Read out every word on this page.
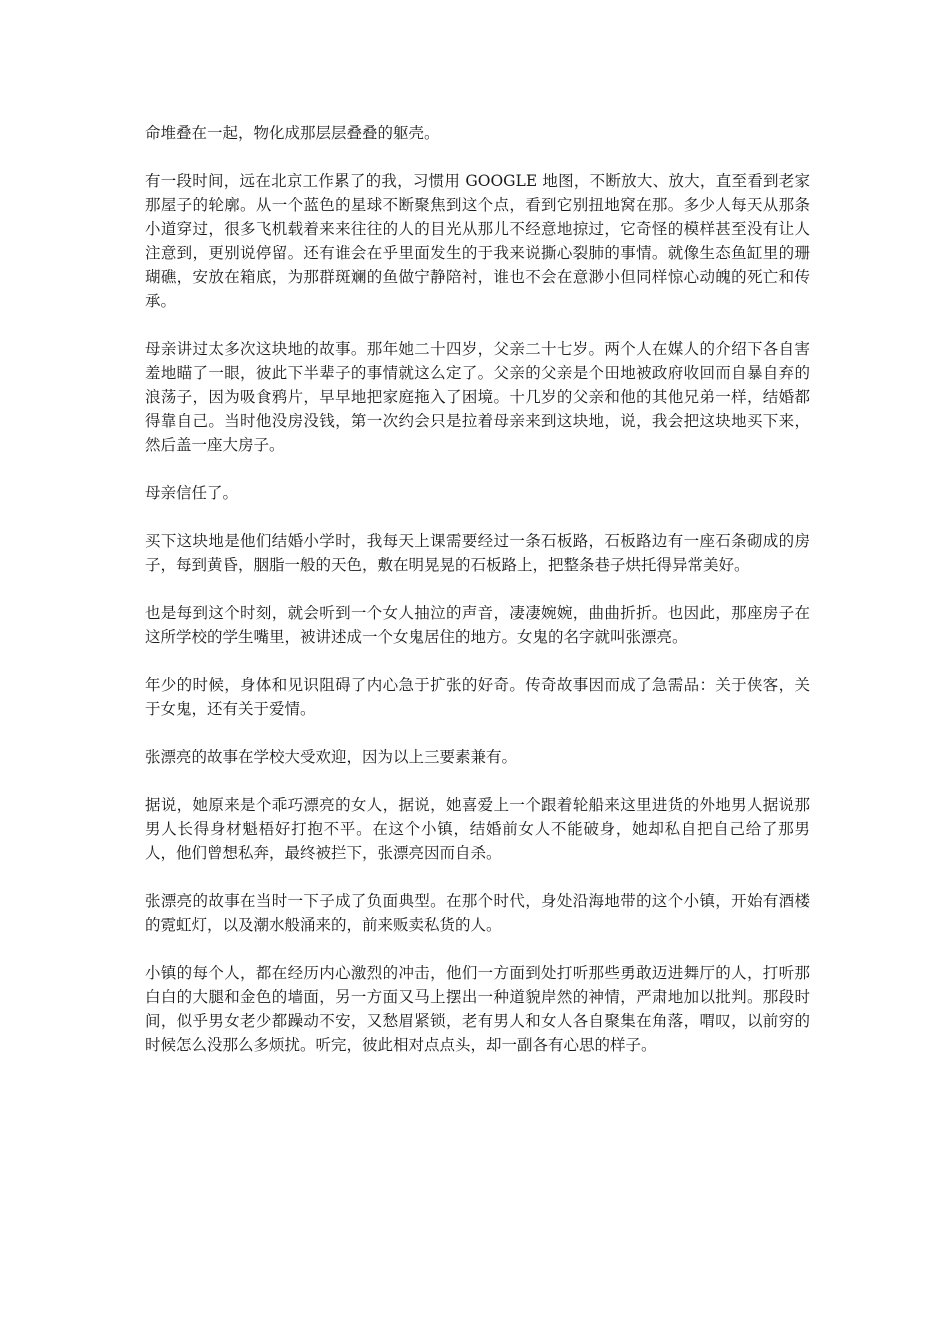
命堆叠在一起，物化成那层层叠叠的躯壳。

有一段时间，远在北京工作累了的我，习惯用 GOOGLE 地图，不断放大、放大，直至看到老家那屋子的轮廓。从一个蓝色的星球不断聚焦到这个点，看到它别扭地窝在那。多少人每天从那条小道穿过，很多飞机载着来来往往的人的目光从那儿不经意地掠过，它奇怪的模样甚至没有让人注意到，更别说停留。还有谁会在乎里面发生的于我来说撕心裂肺的事情。就像生态鱼缸里的珊瑚礁，安放在箱底，为那群斑斓的鱼做宁静陪衬，谁也不会在意渺小但同样惊心动魄的死亡和传承。

母亲讲过太多次这块地的故事。那年她二十四岁，父亲二十七岁。两个人在媒人的介绍下各自害羞地瞄了一眼，彼此下半辈子的事情就这么定了。父亲的父亲是个田地被政府收回而自暴自弃的浪荡子，因为吸食鸦片，早早地把家庭拖入了困境。十几岁的父亲和他的其他兄弟一样，结婚都得靠自己。当时他没房没钱，第一次约会只是拉着母亲来到这块地，说，我会把这块地买下来，然后盖一座大房子。

母亲信任了。

买下这块地是他们结婚小学时，我每天上课需要经过一条石板路，石板路边有一座石条砌成的房子，每到黄昏，胭脂一般的天色，敷在明晃晃的石板路上，把整条巷子烘托得异常美好。

也是每到这个时刻，就会听到一个女人抽泣的声音，凄凄婉婉，曲曲折折。也因此，那座房子在这所学校的学生嘴里，被讲述成一个女鬼居住的地方。女鬼的名字就叫张漂亮。

年少的时候，身体和见识阻碍了内心急于扩张的好奇。传奇故事因而成了急需品：关于侠客，关于女鬼，还有关于爱情。

张漂亮的故事在学校大受欢迎，因为以上三要素兼有。

据说，她原来是个乖巧漂亮的女人，据说，她喜爱上一个跟着轮船来这里进货的外地男人据说那男人长得身材魁梧好打抱不平。在这个小镇，结婚前女人不能破身，她却私自把自己给了那男人，他们曾想私奔，最终被拦下，张漂亮因而自杀。

张漂亮的故事在当时一下子成了负面典型。在那个时代，身处沿海地带的这个小镇，开始有酒楼的霓虹灯，以及潮水般涌来的，前来贩卖私货的人。

小镇的每个人，都在经历内心激烈的冲击，他们一方面到处打听那些勇敢迈进舞厅的人，打听那白白的大腿和金色的墙面，另一方面又马上摆出一种道貌岸然的神情，严肃地加以批判。那段时间，似乎男女老少都躁动不安，又愁眉紧锁，老有男人和女人各自聚集在角落，喟叹，以前穷的时候怎么没那么多烦扰。听完，彼此相对点点头，却一副各有心思的样子。
